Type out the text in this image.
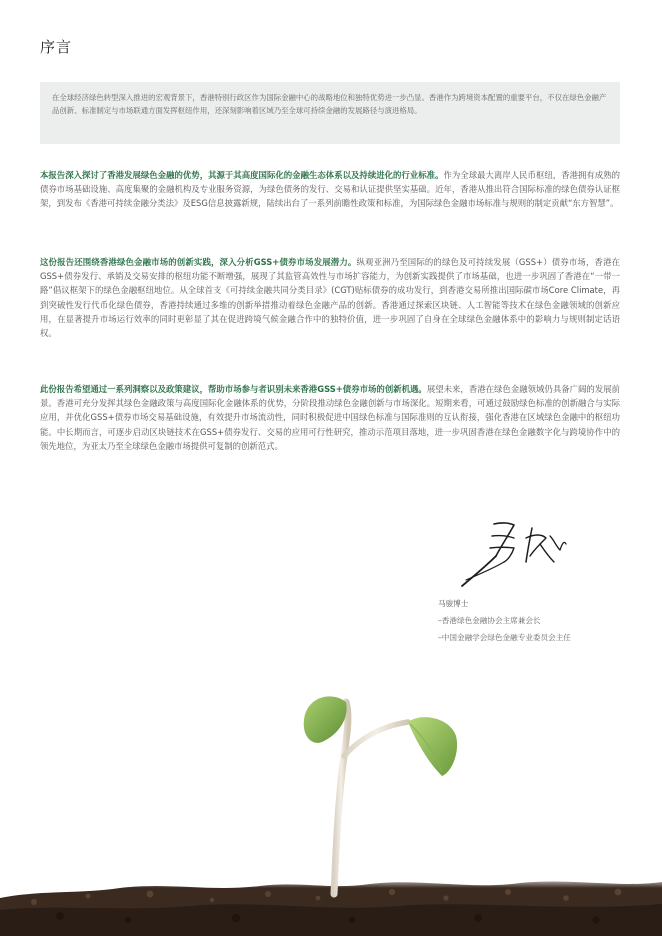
序言

在全球经济绿色转型深入推进的宏观背景下，香港特别行政区作为国际金融中心的战略地位和独特优势进一步凸显。香港作为跨境资本配置的重要平台，不仅在绿色金融产品创新、标准制定与市场联通方面发挥枢纽作用，还深刻影响着区域乃至全球可持续金融的发展路径与演进格局。

本报告深入探讨了香港发展绿色金融的优势，其源于其高度国际化的金融生态体系以及持续进化的行业标准。作为全球最大离岸人民币枢纽，香港拥有成熟的债券市场基础设施、高度集聚的金融机构及专业服务资源，为绿色债务的发行、交易和认证提供坚实基础。近年，香港从推出符合国际标准的绿色债券认证框架，到发布《香港可持续金融分类法》及ESG信息披露新规，陆续出台了一系列前瞻性政策和标准，为国际绿色金融市场标准与规则的制定贡献“东方智慧”。

这份报告还围绕香港绿色金融市场的创新实践，深入分析GSS+债券市场发展潜力。纵观亚洲乃至国际的的绿色及可持续发展（GSS+）债券市场，香港在GSS+债券发行、承销及交易安排的枢纽功能不断增强，展现了其监管高效性与市场扩容能力，为创新实践提供了市场基础，也进一步巩固了香港在“一带一路”倡议框架下的绿色金融枢纽地位。从全球首支《可持续金融共同分类目录》(CGT)贴标债券的成功发行，到香港交易所推出国际碳市场Core Climate，再到突破性发行代币化绿色债券，香港持续通过多维的创新举措推动着绿色金融产品的创新。香港通过探索区块链、人工智能等技术在绿色金融领域的创新应用，在显著提升市场运行效率的同时更彰显了其在促进跨境气候金融合作中的独特价值，进一步巩固了自身在全球绿色金融体系中的影响力与规则制定话语权。

此份报告希望通过一系列洞察以及政策建议，帮助市场参与者识别未来香港GSS+债券市场的创新机遇。展望未来，香港在绿色金融领域仍具备广阔的发展前景。香港可充分发挥其绿色金融政策与高度国际化金融体系的优势，分阶段推动绿色金融创新与市场深化。短期来看，可通过鼓励绿色标准的创新融合与实际应用，并优化GSS+债券市场交易基础设施，有效提升市场流动性，同时积极促进中国绿色标准与国际准则的互认衔接，强化香港在区域绿色金融中的枢纽功能。中长期而言，可逐步启动区块链技术在GSS+债券发行、交易的应用可行性研究，推动示范项目落地，进一步巩固香港在绿色金融数字化与跨境协作中的领先地位，为亚太乃至全球绿色金融市场提供可复制的创新范式。

马骏博士
–香港绿色金融协会主席兼会长
–中国金融学会绿色金融专业委员会主任
1
